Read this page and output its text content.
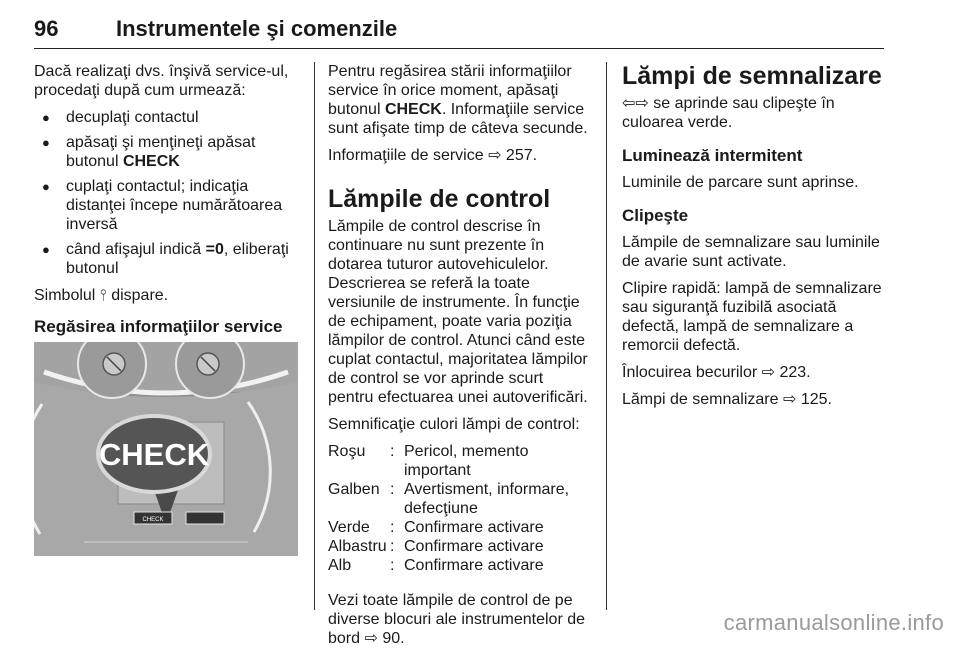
96	Instrumentele şi comenzile

Dacă realizaţi dvs. înşivă service-ul, procedaţi după cum urmează:

● decuplaţi contactul
● apăsaţi şi menţineţi apăsat butonul CHECK
● cuplaţi contactul; indicaţia distanţei începe numărătoarea inversă
● când afişajul indică =0, eliberaţi butonul

Simbolul ⫯ dispare.

Regăsirea informaţiilor service
CHECK
CHECK

Pentru regăsirea stării informaţiilor service în orice moment, apăsaţi butonul CHECK. Informaţiile service sunt afişate timp de câteva secunde.

Informaţiile de service ⇨ 257.

Lămpile de control

Lămpile de control descrise în continuare nu sunt prezente în dotarea tuturor autovehiculelor. Descrierea se referă la toate versiunile de instrumente. În funcţie de echipament, poate varia poziţia lămpilor de control. Atunci când este cuplat contactul, majoritatea lămpilor de control se vor aprinde scurt pentru efectuarea unei autoverificări.

Semnificaţie culori lămpi de control:

Roşu	:	Pericol, memento important
Galben	:	Avertisment, informare, defecţiune
Verde	:	Confirmare activare
Albastru	:	Confirmare activare
Alb	:	Confirmare activare

Vezi toate lămpile de control de pe diverse blocuri ale instrumentelor de bord ⇨ 90.

Lămpi de semnalizare

⇦⇨ se aprinde sau clipeşte în culoarea verde.

Luminează intermitent

Luminile de parcare sunt aprinse.

Clipeşte

Lămpile de semnalizare sau luminile de avarie sunt activate.

Clipire rapidă: lampă de semnalizare sau siguranţă fuzibilă asociată defectă, lampă de semnalizare a remorcii defectă.

Înlocuirea becurilor ⇨ 223.

Lămpi de semnalizare ⇨ 125.

carmanualsonline.info
